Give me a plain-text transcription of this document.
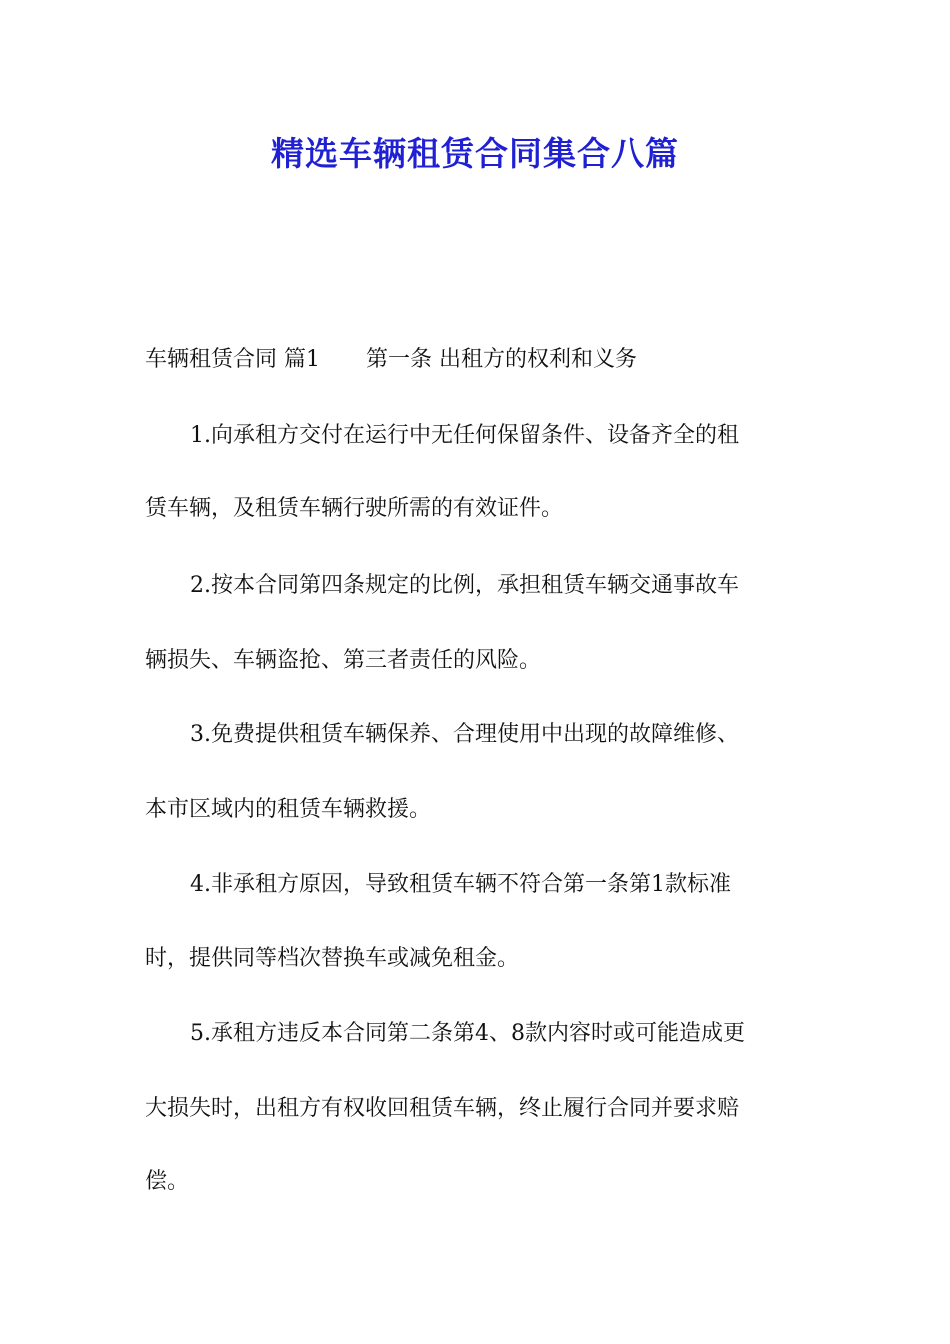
精选车辆租赁合同集合八篇
车辆租赁合同 篇1 第一条 出租方的权利和义务
1.向承租方交付在运行中无任何保留条件、设备齐全的租
赁车辆，及租赁车辆行驶所需的有效证件。
2.按本合同第四条规定的比例，承担租赁车辆交通事故车
辆损失、车辆盗抢、第三者责任的风险。
3.免费提供租赁车辆保养、合理使用中出现的故障维修、
本市区域内的租赁车辆救援。
4.非承租方原因，导致租赁车辆不符合第一条第1款标准
时，提供同等档次替换车或减免租金。
5.承租方违反本合同第二条第4、8款内容时或可能造成更
大损失时，出租方有权收回租赁车辆，终止履行合同并要求赔
偿。
